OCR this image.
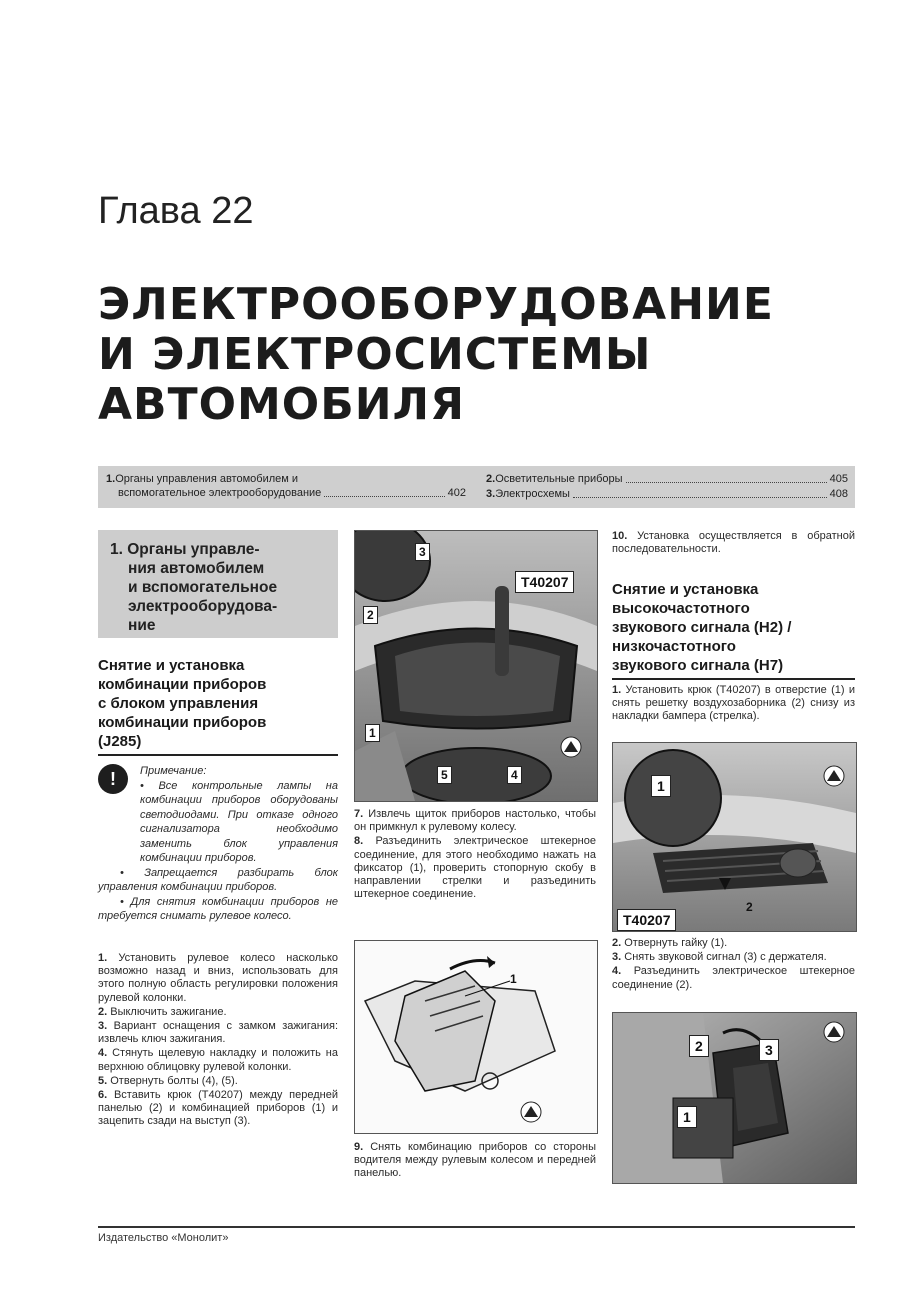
Глава 22
ЭЛЕКТРООБОРУДОВАНИЕ
И ЭЛЕКТРОСИСТЕМЫ
АВТОМОБИЛЯ
1.Органы управления автомобилем и
вспомогательное электрооборудование	402
2. Осветительные приборы	405
3. Электросхемы	408
1. Органы управле-
ния автомобилем
и вспомогательное
электрооборудова-
ние
Снятие и установка
комбинации приборов
с блоком управления
комбинации приборов
(J285)
!	Примечание:

• Все контрольные лампы на комбинации приборов оборудованы светодиодами. При отказе одного сигнализатора необходимо заменить блок управления комбинации приборов.

• Запрещается разбирать блок управления комбинации приборов.

• Для снятия комбинации приборов не требуется снимать рулевое колесо.

1. Установить рулевое колесо насколько возможно назад и вниз, использовать для этого полную область регулировки положения рулевой колонки.

2. Выключить зажигание.

3. Вариант оснащения с замком зажигания: извлечь ключ зажигания.

4. Стянуть щелевую накладку и положить на верхнюю облицовку рулевой колонки.

5. Отвернуть болты (4), (5).

6. Вставить крюк (T40207) между передней панелью (2) и комбинацией приборов (1) и зацепить сзади на выступ (3).

3
T40207
2
1
5	4

7. Извлечь щиток приборов настолько, чтобы он примкнул к рулевому колесу.

8. Разъединить электрическое штекерное соединение, для этого необходимо нажать на фиксатор (1), проверить стопорную скобу в направлении стрелки и разъединить штекерное соединение.

1

9. Снять комбинацию приборов со стороны водителя между рулевым колесом и передней панелью.

10. Установка осуществляется в обратной последовательности.

Снятие и установка
высокочастотного
звукового сигнала (H2) /
низкочастотного
звукового сигнала (H7)

1. Установить крюк (T40207) в отверстие (1) и снять решетку воздухозаборника (2) снизу из накладки бампера (стрелка).

1
2
T40207

2. Отвернуть гайку (1).

3. Снять звуковой сигнал (3) с держателя.

4. Разъединить электрическое штекерное соединение (2).

2	3
1
Издательство «Монолит»
